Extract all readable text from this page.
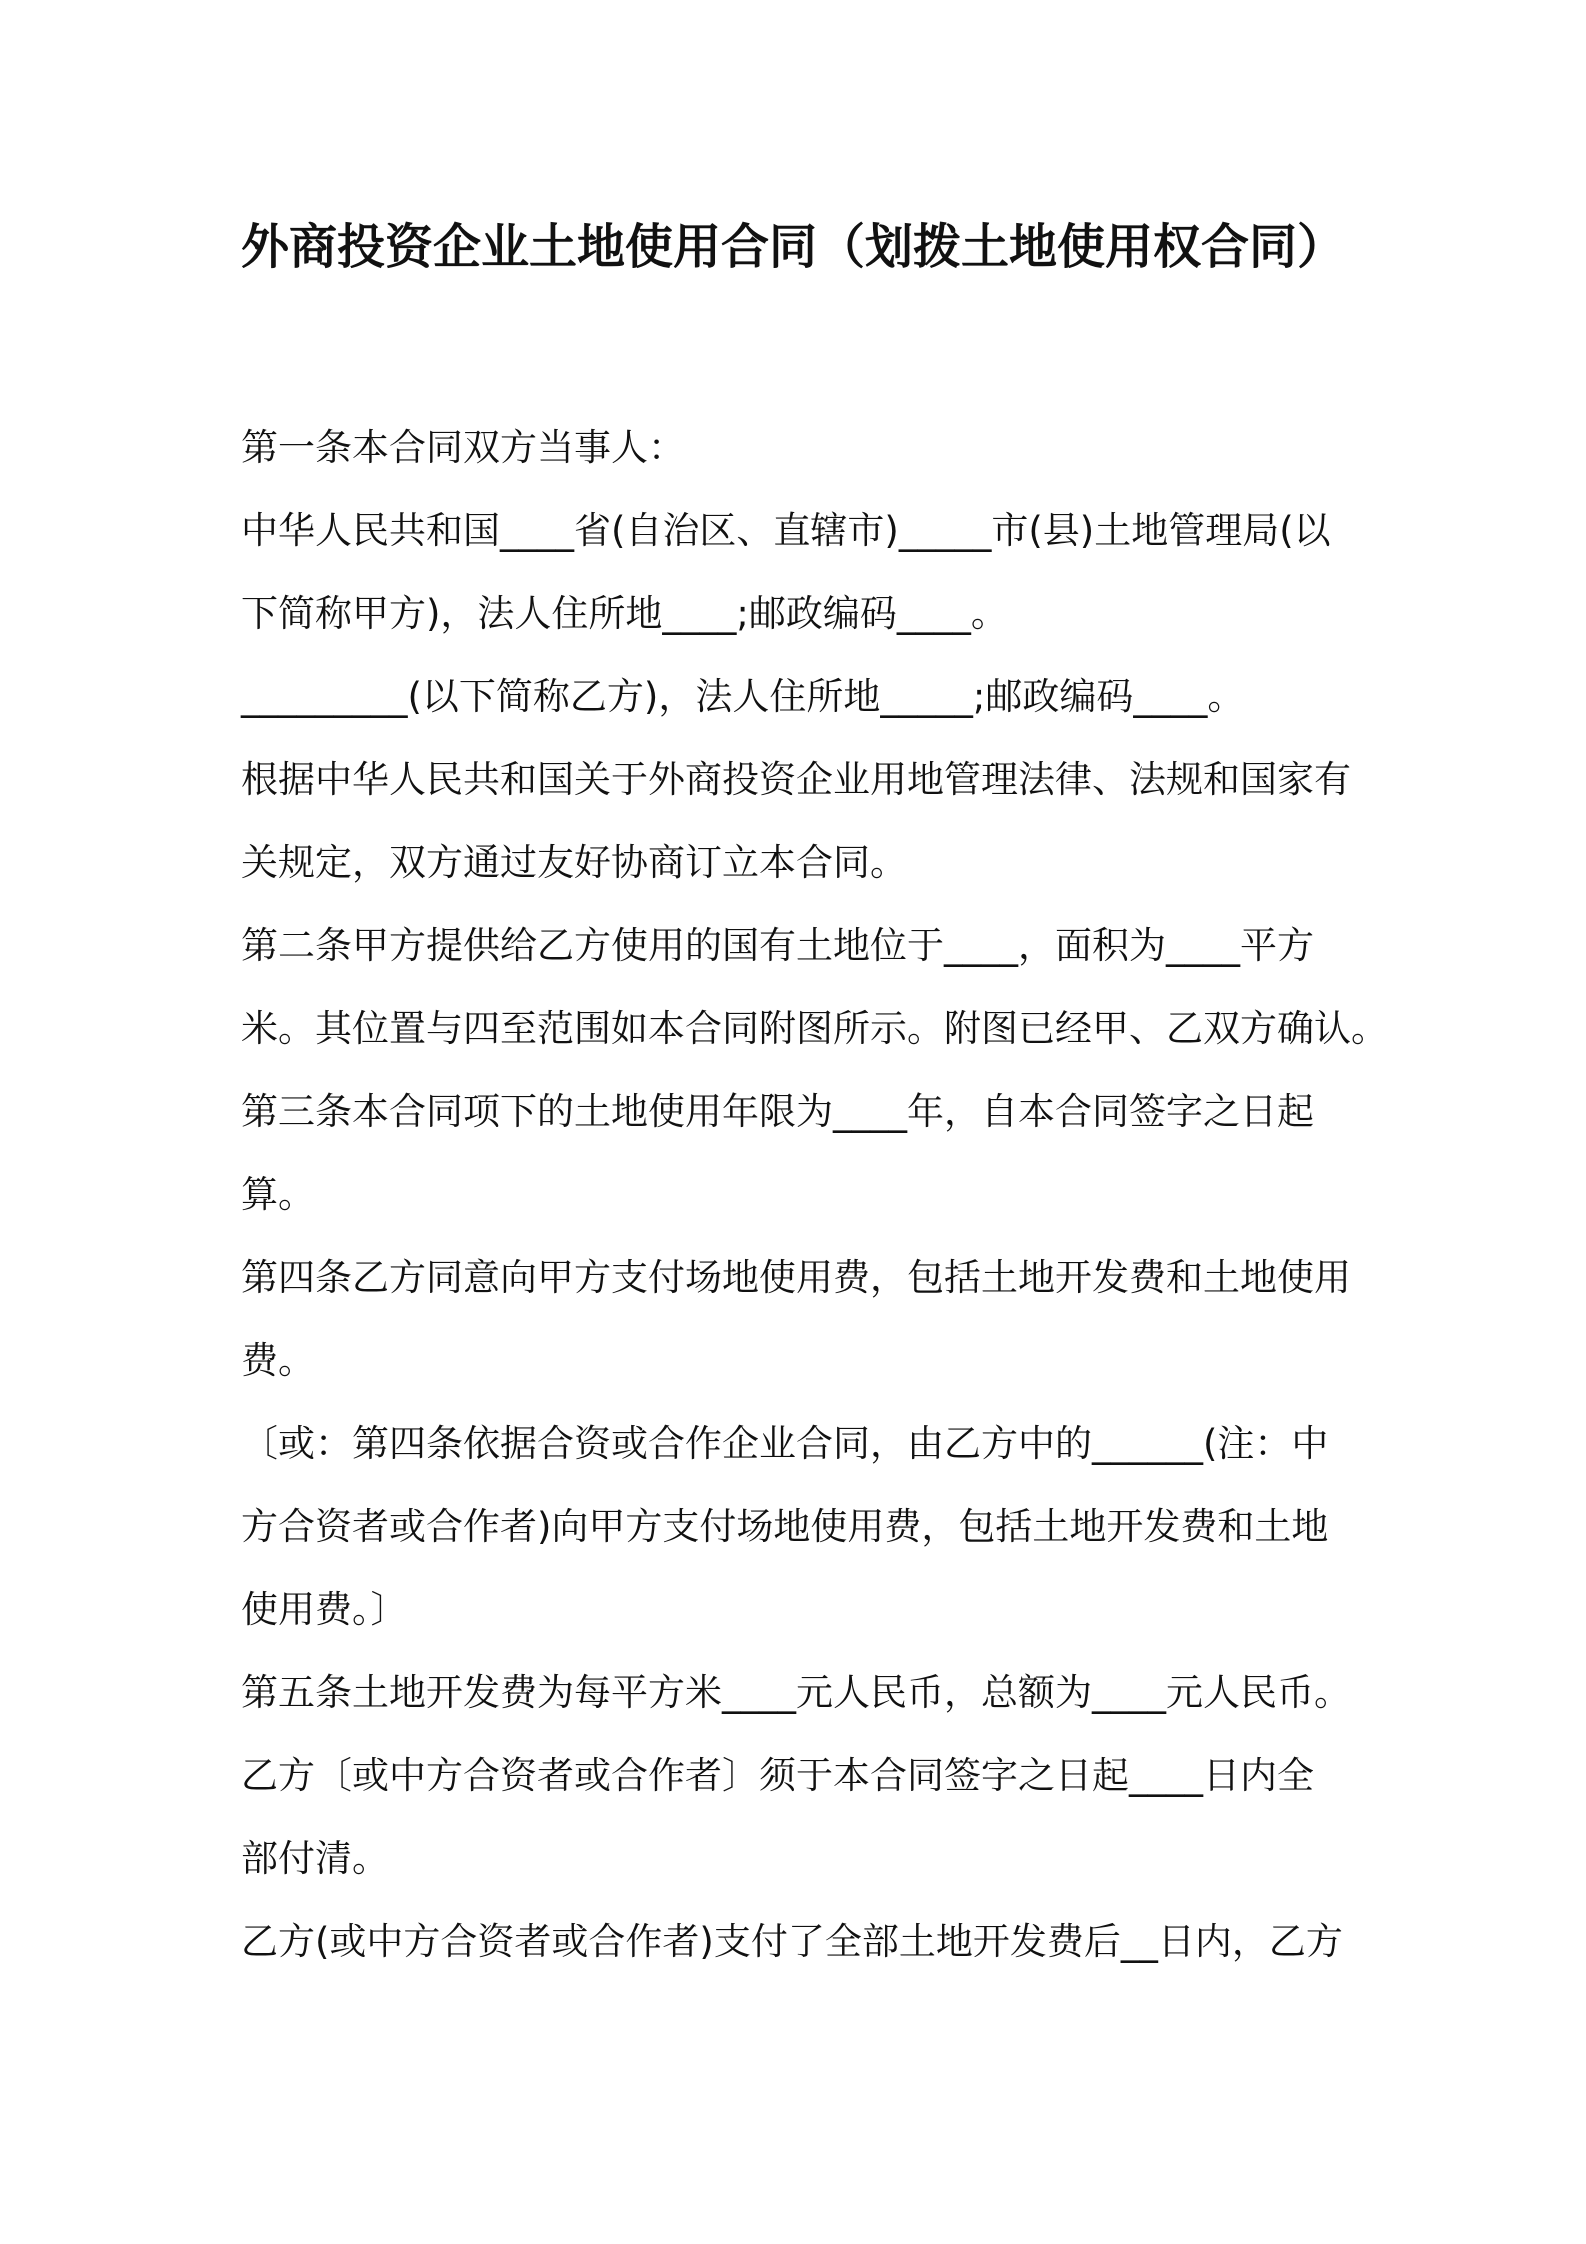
外商投资企业土地使用合同（划拨土地使用权合同）
第一条本合同双方当事人：
中华人民共和国____省(自治区、直辖市)_____市(县)土地管理局(以
下简称甲方)，法人住所地____;邮政编码____。
_________(以下简称乙方)，法人住所地_____;邮政编码____。
根据中华人民共和国关于外商投资企业用地管理法律、法规和国家有
关规定，双方通过友好协商订立本合同。
第二条甲方提供给乙方使用的国有土地位于____，面积为____平方
米。其位置与四至范围如本合同附图所示。附图已经甲、乙双方确认。
第三条本合同项下的土地使用年限为____年，自本合同签字之日起
算。
第四条乙方同意向甲方支付场地使用费，包括土地开发费和土地使用
费。
〔或：第四条依据合资或合作企业合同，由乙方中的______(注：中
方合资者或合作者)向甲方支付场地使用费，包括土地开发费和土地
使用费。〕
第五条土地开发费为每平方米____元人民币，总额为____元人民币。
乙方〔或中方合资者或合作者〕须于本合同签字之日起____日内全
部付清。
乙方(或中方合资者或合作者)支付了全部土地开发费后__日内，乙方
